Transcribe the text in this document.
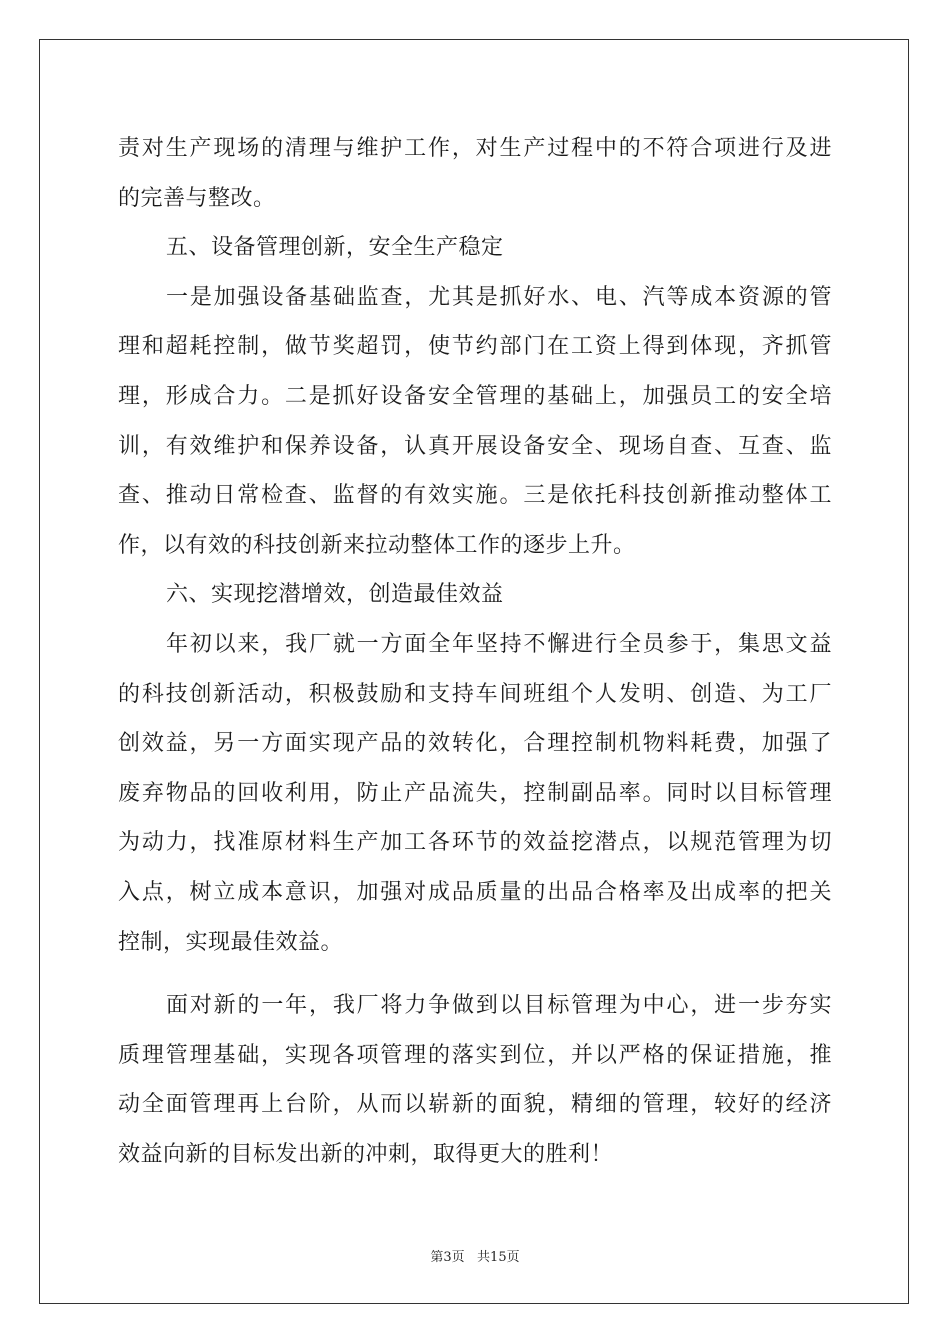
责对生产现场的清理与维护工作，对生产过程中的不符合项进行及进
的完善与整改。
五、设备管理创新，安全生产稳定
一是加强设备基础监查，尤其是抓好水、电、汽等成本资源的管
理和超耗控制，做节奖超罚，使节约部门在工资上得到体现，齐抓管
理，形成合力。二是抓好设备安全管理的基础上，加强员工的安全培
训，有效维护和保养设备，认真开展设备安全、现场自查、互查、监
查、推动日常检查、监督的有效实施。三是依托科技创新推动整体工
作，以有效的科技创新来拉动整体工作的逐步上升。
六、实现挖潜增效，创造最佳效益
年初以来，我厂就一方面全年坚持不懈进行全员参于，集思文益
的科技创新活动，积极鼓励和支持车间班组个人发明、创造、为工厂
创效益，另一方面实现产品的效转化，合理控制机物料耗费，加强了
废弃物品的回收利用，防止产品流失，控制副品率。同时以目标管理
为动力，找准原材料生产加工各环节的效益挖潜点，以规范管理为切
入点，树立成本意识，加强对成品质量的出品合格率及出成率的把关
控制，实现最佳效益。
面对新的一年，我厂将力争做到以目标管理为中心，进一步夯实
质理管理基础，实现各项管理的落实到位，并以严格的保证措施，推
动全面管理再上台阶，从而以崭新的面貌，精细的管理，较好的经济
效益向新的目标发出新的冲刺，取得更大的胜利！
第3页   共15页
